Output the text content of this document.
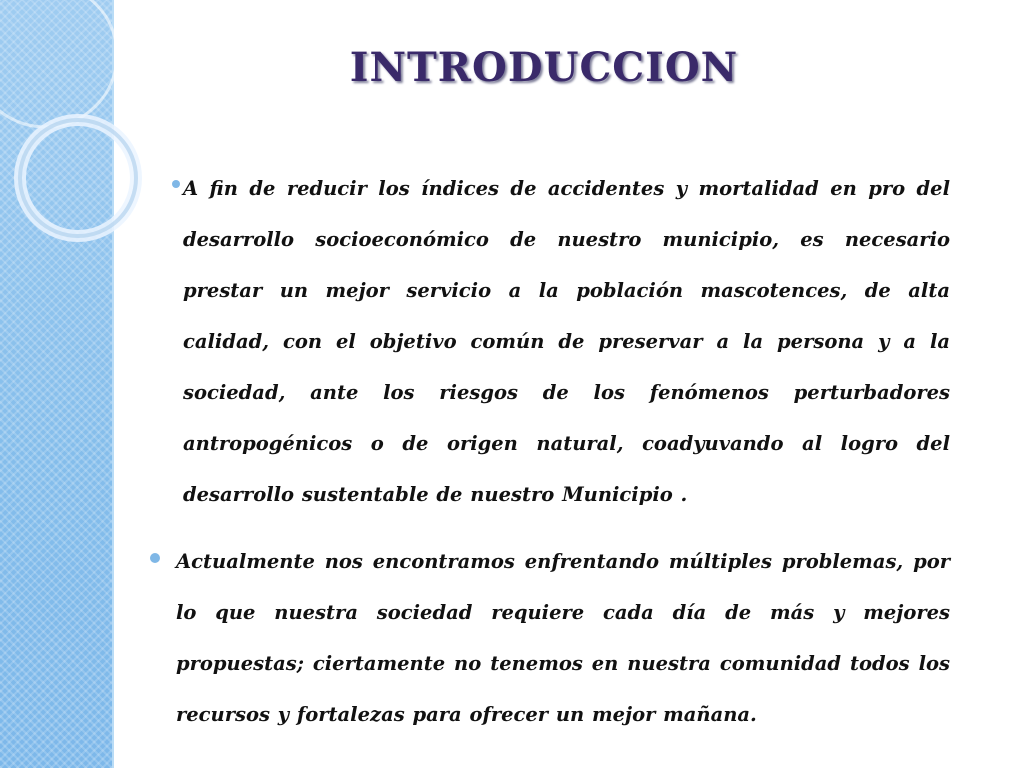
INTRODUCCION

A fin de reducir los índices de accidentes y mortalidad en pro del desarrollo socioeconómico de nuestro municipio, es necesario prestar un mejor servicio a la población mascotences, de alta calidad, con el objetivo común de preservar a la persona y a la sociedad, ante los riesgos de los fenómenos perturbadores antropogénicos o de origen natural, coadyuvando al logro del desarrollo sustentable de nuestro Municipio .

Actualmente nos encontramos enfrentando múltiples problemas, por lo que nuestra sociedad requiere cada día de más y mejores propuestas; ciertamente no tenemos en nuestra comunidad todos los recursos y fortalezas para ofrecer un mejor mañana.
